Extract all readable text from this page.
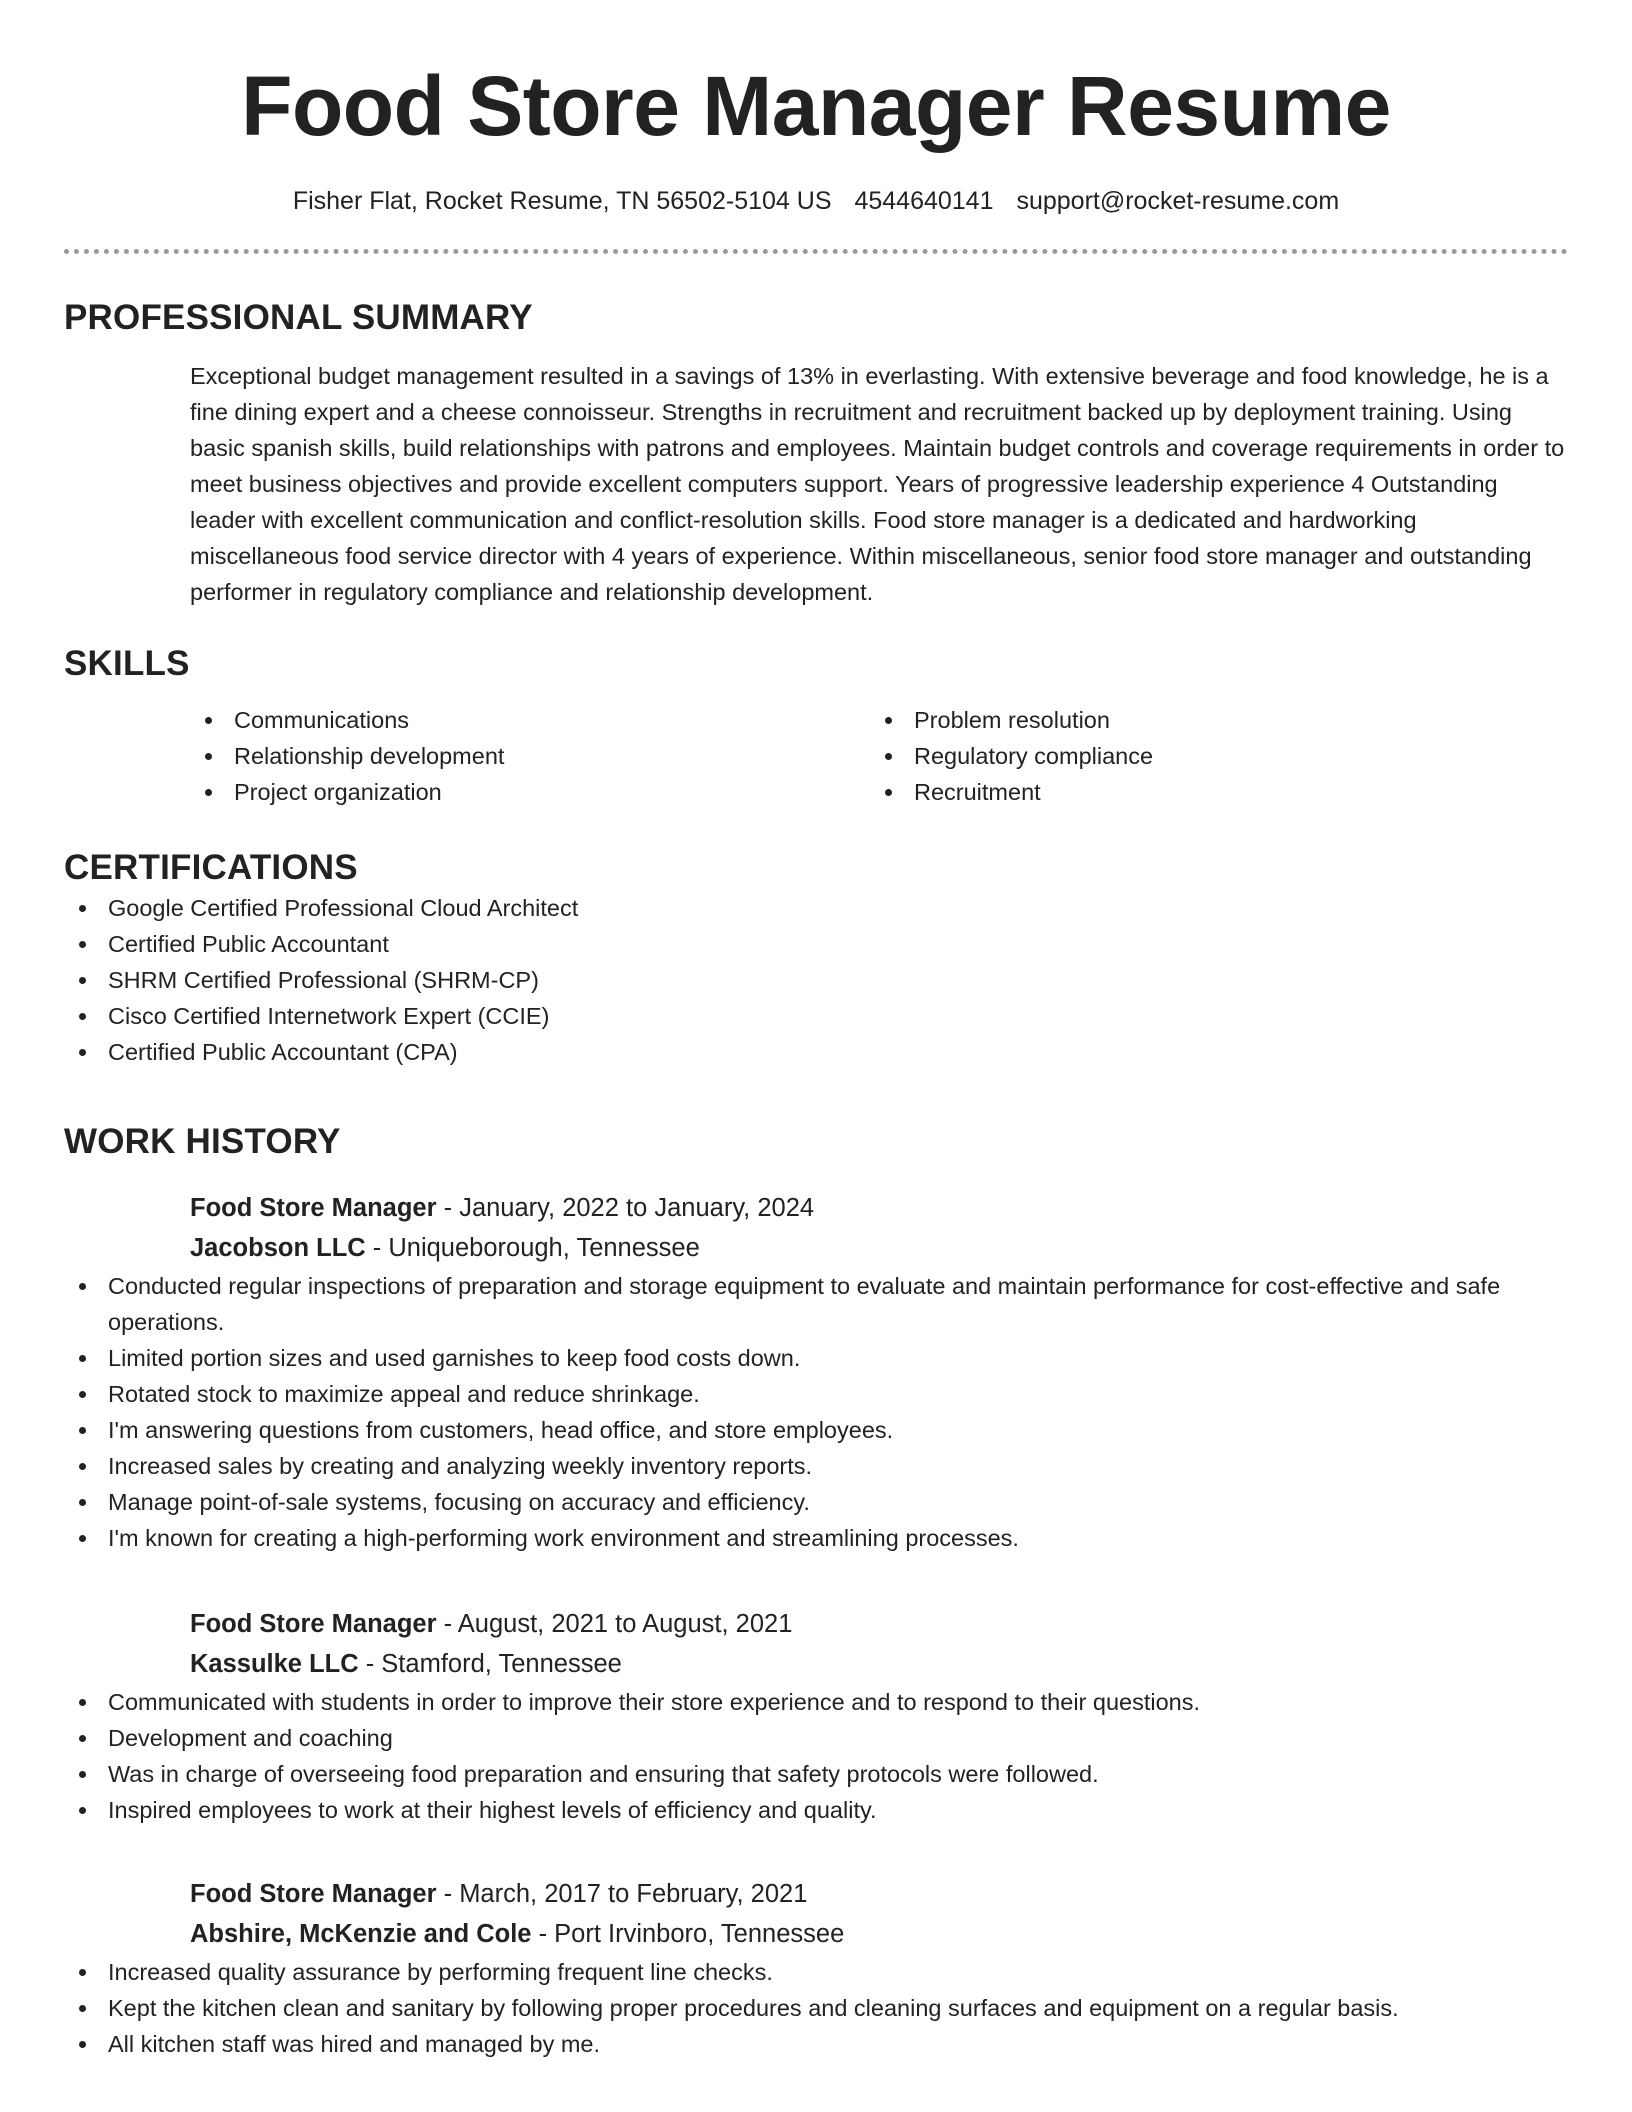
Food Store Manager Resume
Fisher Flat, Rocket Resume, TN 56502-5104 US 4544640141 support@rocket-resume.com
PROFESSIONAL SUMMARY
Exceptional budget management resulted in a savings of 13% in everlasting. With extensive beverage and food knowledge, he is a fine dining expert and a cheese connoisseur. Strengths in recruitment and recruitment backed up by deployment training. Using basic spanish skills, build relationships with patrons and employees. Maintain budget controls and coverage requirements in order to meet business objectives and provide excellent computers support. Years of progressive leadership experience 4 Outstanding leader with excellent communication and conflict-resolution skills. Food store manager is a dedicated and hardworking miscellaneous food service director with 4 years of experience. Within miscellaneous, senior food store manager and outstanding performer in regulatory compliance and relationship development.
SKILLS
Communications
Relationship development
Project organization
Problem resolution
Regulatory compliance
Recruitment
CERTIFICATIONS
Google Certified Professional Cloud Architect
Certified Public Accountant
SHRM Certified Professional (SHRM-CP)
Cisco Certified Internetwork Expert (CCIE)
Certified Public Accountant (CPA)
WORK HISTORY
Food Store Manager - January, 2022 to January, 2024
Jacobson LLC - Uniqueborough, Tennessee
Conducted regular inspections of preparation and storage equipment to evaluate and maintain performance for cost-effective and safe operations.
Limited portion sizes and used garnishes to keep food costs down.
Rotated stock to maximize appeal and reduce shrinkage.
I'm answering questions from customers, head office, and store employees.
Increased sales by creating and analyzing weekly inventory reports.
Manage point-of-sale systems, focusing on accuracy and efficiency.
I'm known for creating a high-performing work environment and streamlining processes.
Food Store Manager - August, 2021 to August, 2021
Kassulke LLC - Stamford, Tennessee
Communicated with students in order to improve their store experience and to respond to their questions.
Development and coaching
Was in charge of overseeing food preparation and ensuring that safety protocols were followed.
Inspired employees to work at their highest levels of efficiency and quality.
Food Store Manager - March, 2017 to February, 2021
Abshire, McKenzie and Cole - Port Irvinboro, Tennessee
Increased quality assurance by performing frequent line checks.
Kept the kitchen clean and sanitary by following proper procedures and cleaning surfaces and equipment on a regular basis.
All kitchen staff was hired and managed by me.
